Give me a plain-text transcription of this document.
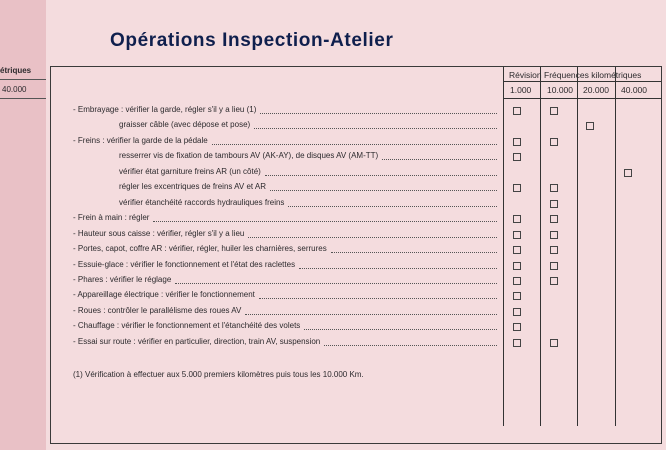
étriques
40.000
Opérations Inspection-Atelier
Révision Fréquences kilométriques
1.000 10.000 20.000 40.000
(1) Vérification à effectuer aux 5.000 premiers kilomètres puis tous les 10.000 Km.
- Embrayage : vérifier la garde, régler s'il y a lieu (1)
graisser câble (avec dépose et pose)
- Freins : vérifier la garde de la pédale
resserrer vis de fixation de tambours AV (AK-AY), de disques AV (AM-TT)
vérifier état garniture freins AR (un côté)
régler les excentriques de freins AV et AR
vérifier étanchéité raccords hydrauliques freins
- Frein à main : régler
- Hauteur sous caisse : vérifier, régler s'il y a lieu
- Portes, capot, coffre AR : vérifier, régler, huiler les charnières, serrures
- Essuie-glace : vérifier le fonctionnement et l'état des raclettes
- Phares : vérifier le réglage
- Appareillage électrique : vérifier le fonctionnement
- Roues : contrôler le parallélisme des roues AV
- Chauffage : vérifier le fonctionnement et l'étanchéité des volets
- Essai sur route : vérifier en particulier, direction, train AV, suspension
